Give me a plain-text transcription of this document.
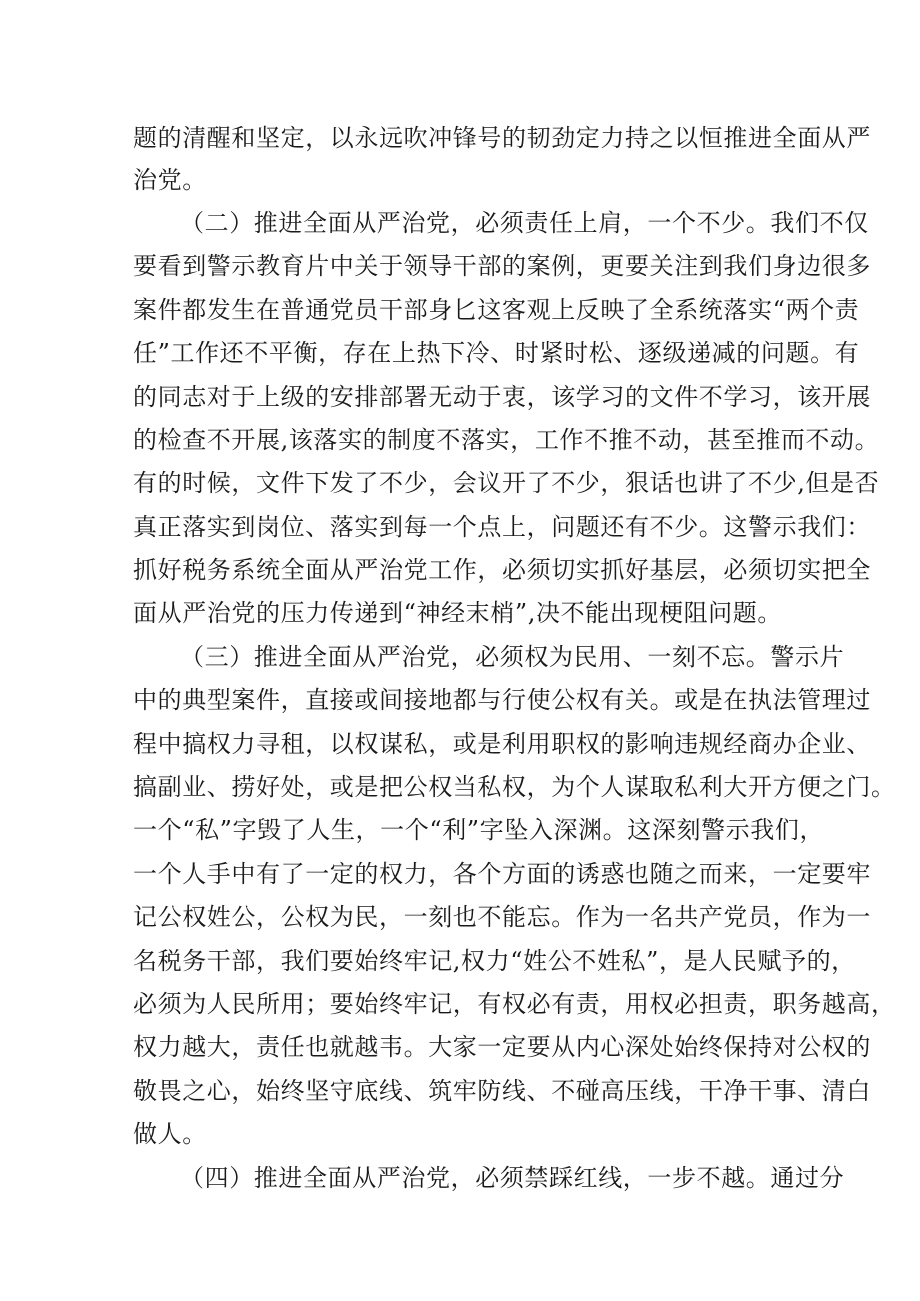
题的清醒和坚定，以永远吹冲锋号的韧劲定力持之以恒推进全面从严
治党。
（二）推进全面从严治党，必须责任上肩，一个不少。我们不仅
要看到警示教育片中关于领导干部的案例，更要关注到我们身边很多
案件都发生在普通党员干部身匕这客观上反映了全系统落实“两个责
任”工作还不平衡，存在上热下冷、时紧时松、逐级递减的问题。有
的同志对于上级的安排部署无动于衷，该学习的文件不学习，该开展
的检查不开展,该落实的制度不落实，工作不推不动，甚至推而不动。
有的时候，文件下发了不少，会议开了不少，狠话也讲了不少,但是否
真正落实到岗位、落实到每一个点上，问题还有不少。这警示我们：
抓好税务系统全面从严治党工作，必须切实抓好基层，必须切实把全
面从严治党的压力传递到“神经末梢”,决不能出现梗阻问题。
（三）推进全面从严治党，必须权为民用、一刻不忘。警示片
中的典型案件，直接或间接地都与行使公权有关。或是在执法管理过
程中搞权力寻租，以权谋私，或是利用职权的影响违规经商办企业、
搞副业、捞好处，或是把公权当私权，为个人谋取私利大开方便之门。
一个“私”字毁了人生，一个“利”字坠入深渊。这深刻警示我们，
一个人手中有了一定的权力，各个方面的诱惑也随之而来，一定要牢
记公权姓公，公权为民，一刻也不能忘。作为一名共产党员，作为一
名税务干部，我们要始终牢记,权力“姓公不姓私”，是人民赋予的，
必须为人民所用；要始终牢记，有权必有责，用权必担责，职务越高，
权力越大，责任也就越韦。大家一定要从内心深处始终保持对公权的
敬畏之心，始终坚守底线、筑牢防线、不碰高压线，干净干事、清白
做人。
（四）推进全面从严治党，必须禁踩红线，一步不越。通过分
